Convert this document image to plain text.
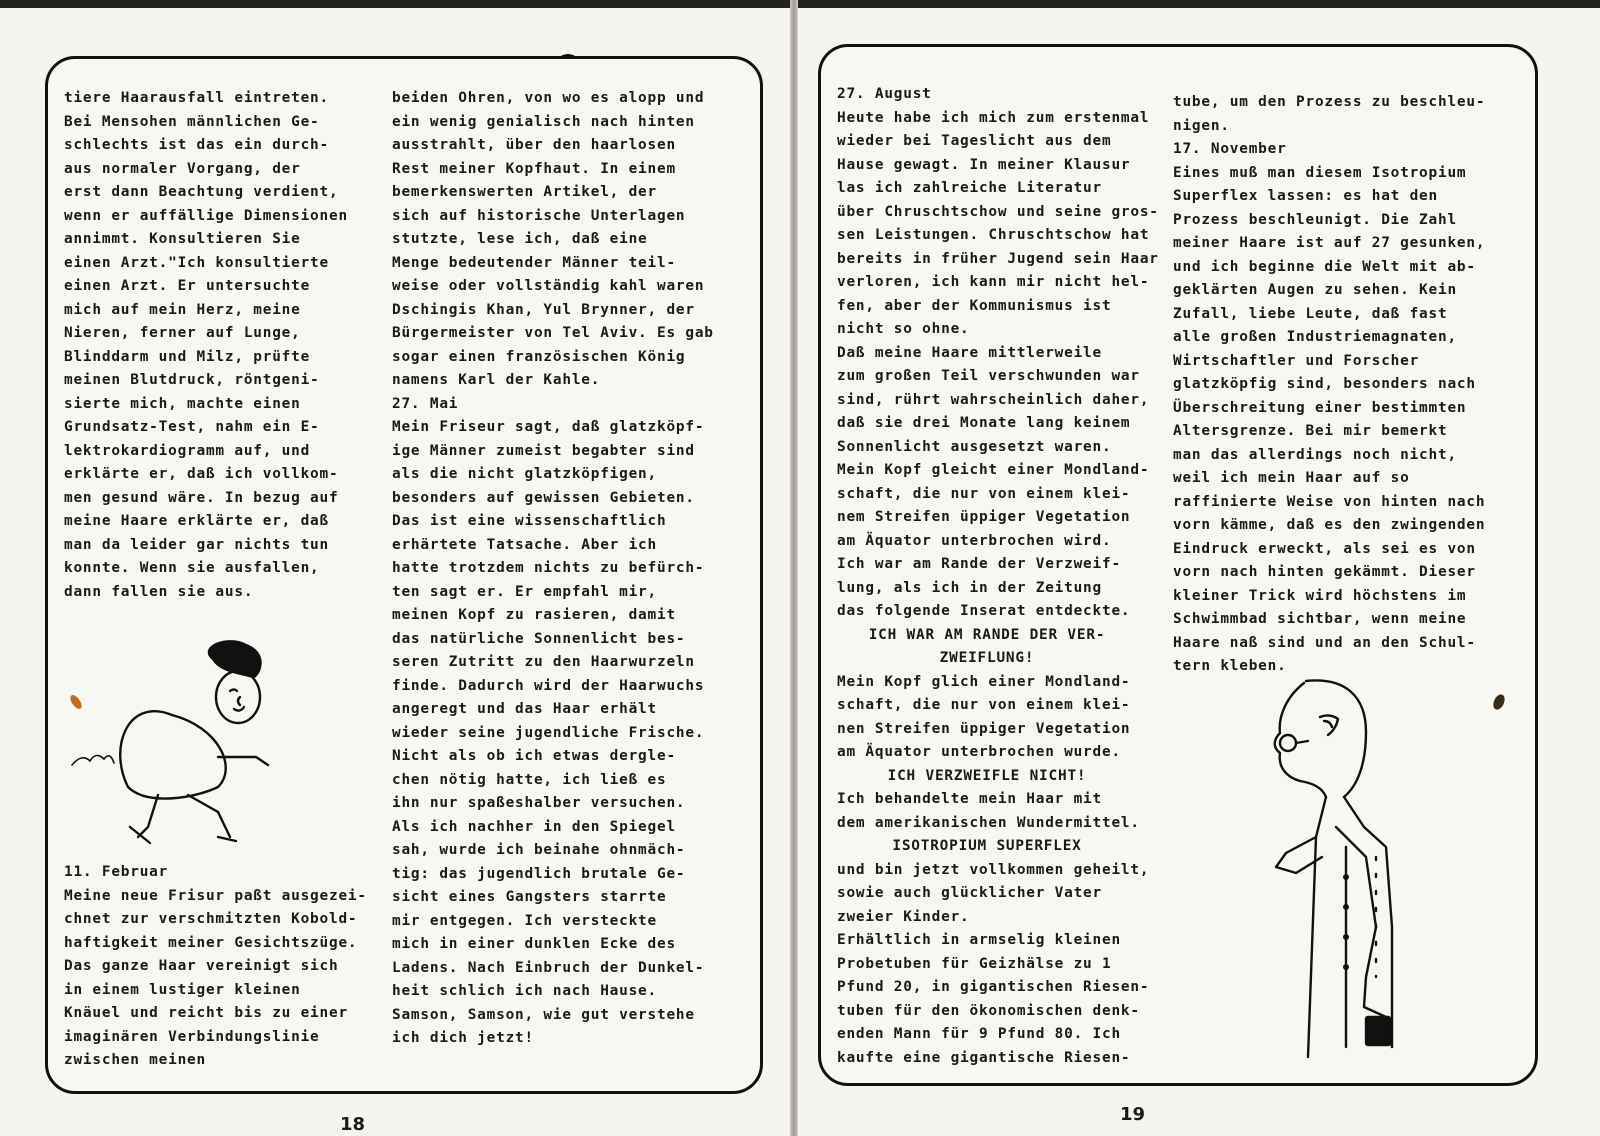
tiere Haarausfall eintreten.
Bei Mensohen männlichen Ge-
schlechts ist das ein durch-
aus normaler Vorgang, der
erst dann Beachtung verdient,
wenn er auffällige Dimensionen
annimmt. Konsultieren Sie
einen Arzt."Ich konsultierte
einen Arzt. Er untersuchte
mich auf mein Herz, meine
Nieren, ferner auf Lunge,
Blinddarm und Milz, prüfte
meinen Blutdruck, röntgeni-
sierte mich, machte einen
Grundsatz-Test, nahm ein E-
lektrokardiogramm auf, und
erklärte er, daß ich vollkom-
men gesund wäre. In bezug auf
meine Haare erklärte er, daß
man da leider gar nichts tun
konnte. Wenn sie ausfallen,
dann fallen sie aus.
11. Februar
Meine neue Frisur paßt ausgezei-
chnet zur verschmitzten Kobold-
haftigkeit meiner Gesichtszüge.
Das ganze Haar vereinigt sich
in einem lustiger kleinen
Knäuel und reicht bis zu einer
imaginären Verbindungslinie
zwischen meinen
beiden Ohren, von wo es alopp und
ein wenig genialisch nach hinten
ausstrahlt, über den haarlosen
Rest meiner Kopfhaut. In einem
bemerkenswerten Artikel, der
sich auf historische Unterlagen
stutzte, lese ich, daß eine
Menge bedeutender Männer teil-
weise oder vollständig kahl waren
Dschingis Khan, Yul Brynner, der
Bürgermeister von Tel Aviv. Es gab
sogar einen französischen König
namens Karl der Kahle.
27. Mai
Mein Friseur sagt, daß glatzköpf-
ige Männer zumeist begabter sind
als die nicht glatzköpfigen,
besonders auf gewissen Gebieten.
Das ist eine wissenschaftlich
erhärtete Tatsache. Aber ich
hatte trotzdem nichts zu befürch-
ten sagt er. Er empfahl mir,
meinen Kopf zu rasieren, damit
das natürliche Sonnenlicht bes-
seren Zutritt zu den Haarwurzeln
finde. Dadurch wird der Haarwuchs
angeregt und das Haar erhält
wieder seine jugendliche Frische.
Nicht als ob ich etwas dergle-
chen nötig hatte, ich ließ es
ihn nur spaßeshalber versuchen.
Als ich nachher in den Spiegel
sah, wurde ich beinahe ohnmäch-
tig: das jugendlich brutale Ge-
sicht eines Gangsters starrte
mir entgegen. Ich versteckte
mich in einer dunklen Ecke des
Ladens. Nach Einbruch der Dunkel-
heit schlich ich nach Hause.
Samson, Samson, wie gut verstehe
ich dich jetzt!
18
27. August
Heute habe ich mich zum erstenmal
wieder bei Tageslicht aus dem
Hause gewagt. In meiner Klausur
las ich zahlreiche Literatur
über Chruschtschow und seine gros-
sen Leistungen. Chruschtschow hat
bereits in früher Jugend sein Haar
verloren, ich kann mir nicht hel-
fen, aber der Kommunismus ist
nicht so ohne.
Daß meine Haare mittlerweile
zum großen Teil verschwunden war
sind, rührt wahrscheinlich daher,
daß sie drei Monate lang keinem
Sonnenlicht ausgesetzt waren.
Mein Kopf gleicht einer Mondland-
schaft, die nur von einem klei-
nem Streifen üppiger Vegetation
am Äquator unterbrochen wird.
Ich war am Rande der Verzweif-
lung, als ich in der Zeitung
das folgende Inserat entdeckte.
ICH WAR AM RANDE DER VER-
ZWEIFLUNG!
Mein Kopf glich einer Mondland-
schaft, die nur von einem klei-
nen Streifen üppiger Vegetation
am Äquator unterbrochen wurde.
ICH VERZWEIFLE NICHT!
Ich behandelte mein Haar mit
dem amerikanischen Wundermittel.
ISOTROPIUM SUPERFLEX
und bin jetzt vollkommen geheilt,
sowie auch glücklicher Vater
zweier Kinder.
Erhältlich in armselig kleinen
Probetuben für Geizhälse zu 1
Pfund 20, in gigantischen Riesen-
tuben für den ökonomischen denk-
enden Mann für 9 Pfund 80. Ich
kaufte eine gigantische Riesen-
tube, um den Prozess zu beschleu-
nigen.
17. November
Eines muß man diesem Isotropium
Superflex lassen: es hat den
Prozess beschleunigt. Die Zahl
meiner Haare ist auf 27 gesunken,
und ich beginne die Welt mit ab-
geklärten Augen zu sehen. Kein
Zufall, liebe Leute, daß fast
alle großen Industriemagnaten,
Wirtschaftler und Forscher
glatzköpfig sind, besonders nach
Überschreitung einer bestimmten
Altersgrenze. Bei mir bemerkt
man das allerdings noch nicht,
weil ich mein Haar auf so
raffinierte Weise von hinten nach
vorn kämme, daß es den zwingenden
Eindruck erweckt, als sei es von
vorn nach hinten gekämmt. Dieser
kleiner Trick wird höchstens im
Schwimmbad sichtbar, wenn meine
Haare naß sind und an den Schul-
tern kleben.
19
